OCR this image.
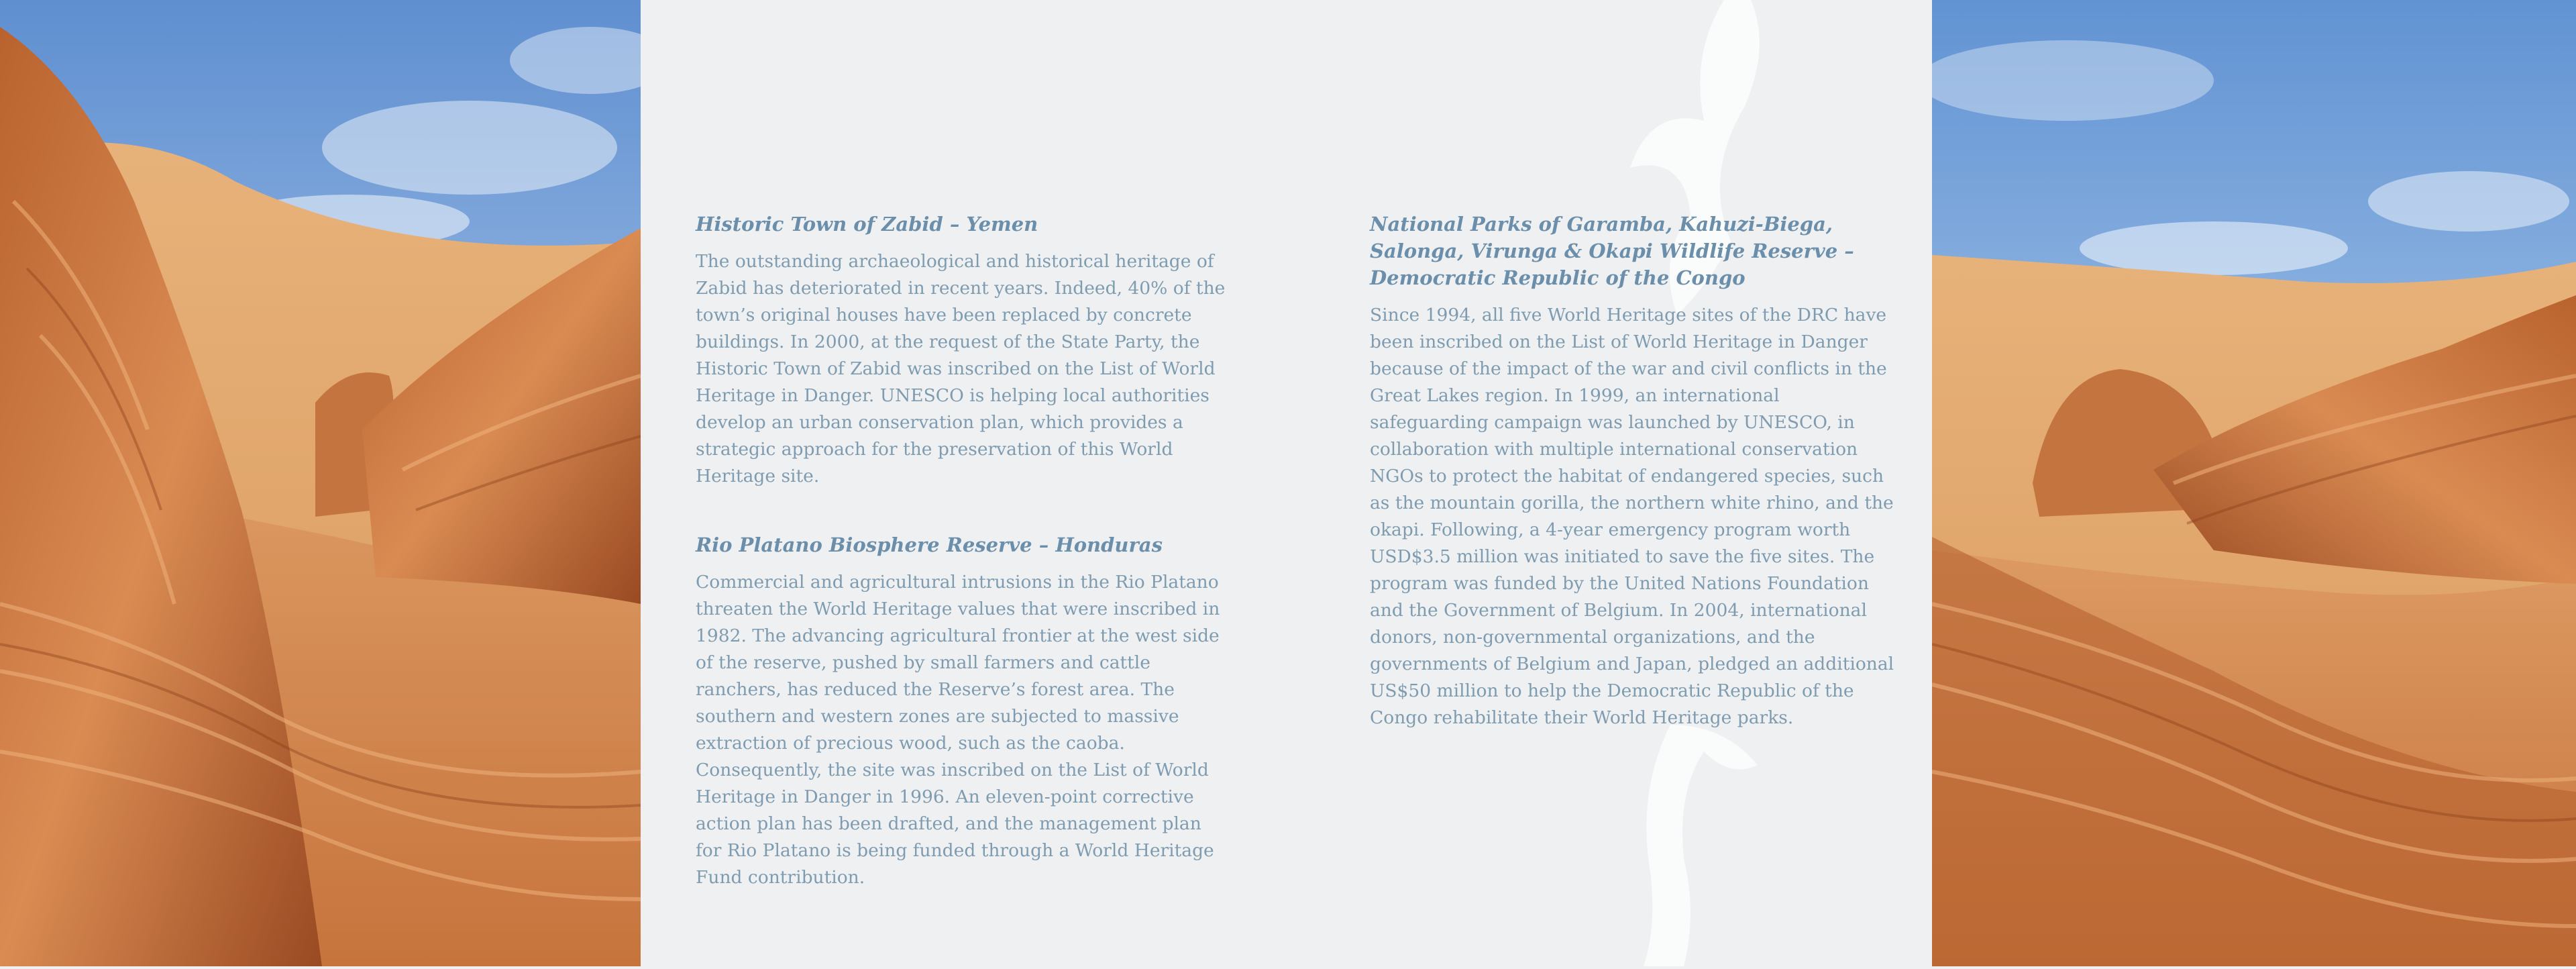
Historic Town of Zabid – Yemen

The outstanding archaeological and historical heritage of Zabid has deteriorated in recent years. Indeed, 40% of the town’s original houses have been replaced by concrete buildings. In 2000, at the request of the State Party, the Historic Town of Zabid was inscribed on the List of World Heritage in Danger. UNESCO is helping local authorities develop an urban conservation plan, which provides a strategic approach for the preservation of this World Heritage site.

Rio Platano Biosphere Reserve – Honduras

Commercial and agricultural intrusions in the Rio Platano threaten the World Heritage values that were inscribed in 1982. The advancing agricultural frontier at the west side of the reserve, pushed by small farmers and cattle ranchers, has reduced the Reserve’s forest area. The southern and western zones are subjected to massive extraction of precious wood, such as the caoba. Consequently, the site was inscribed on the List of World Heritage in Danger in 1996. An eleven-point corrective action plan has been drafted, and the management plan for Rio Platano is being funded through a World Heritage Fund contribution.

National Parks of Garamba, Kahuzi-Biega, Salonga, Virunga & Okapi Wildlife Reserve – Democratic Republic of the Congo

Since 1994, all five World Heritage sites of the DRC have been inscribed on the List of World Heritage in Danger because of the impact of the war and civil conflicts in the Great Lakes region. In 1999, an international safeguarding campaign was launched by UNESCO, in collaboration with multiple international conservation NGOs to protect the habitat of endangered species, such as the mountain gorilla, the northern white rhino, and the okapi. Following, a 4-year emergency program worth USD$3.5 million was initiated to save the five sites. The program was funded by the United Nations Foundation and the Government of Belgium. In 2004, international donors, non-governmental organizations, and the governments of Belgium and Japan, pledged an additional US$50 million to help the Democratic Republic of the Congo rehabilitate their World Heritage parks.
